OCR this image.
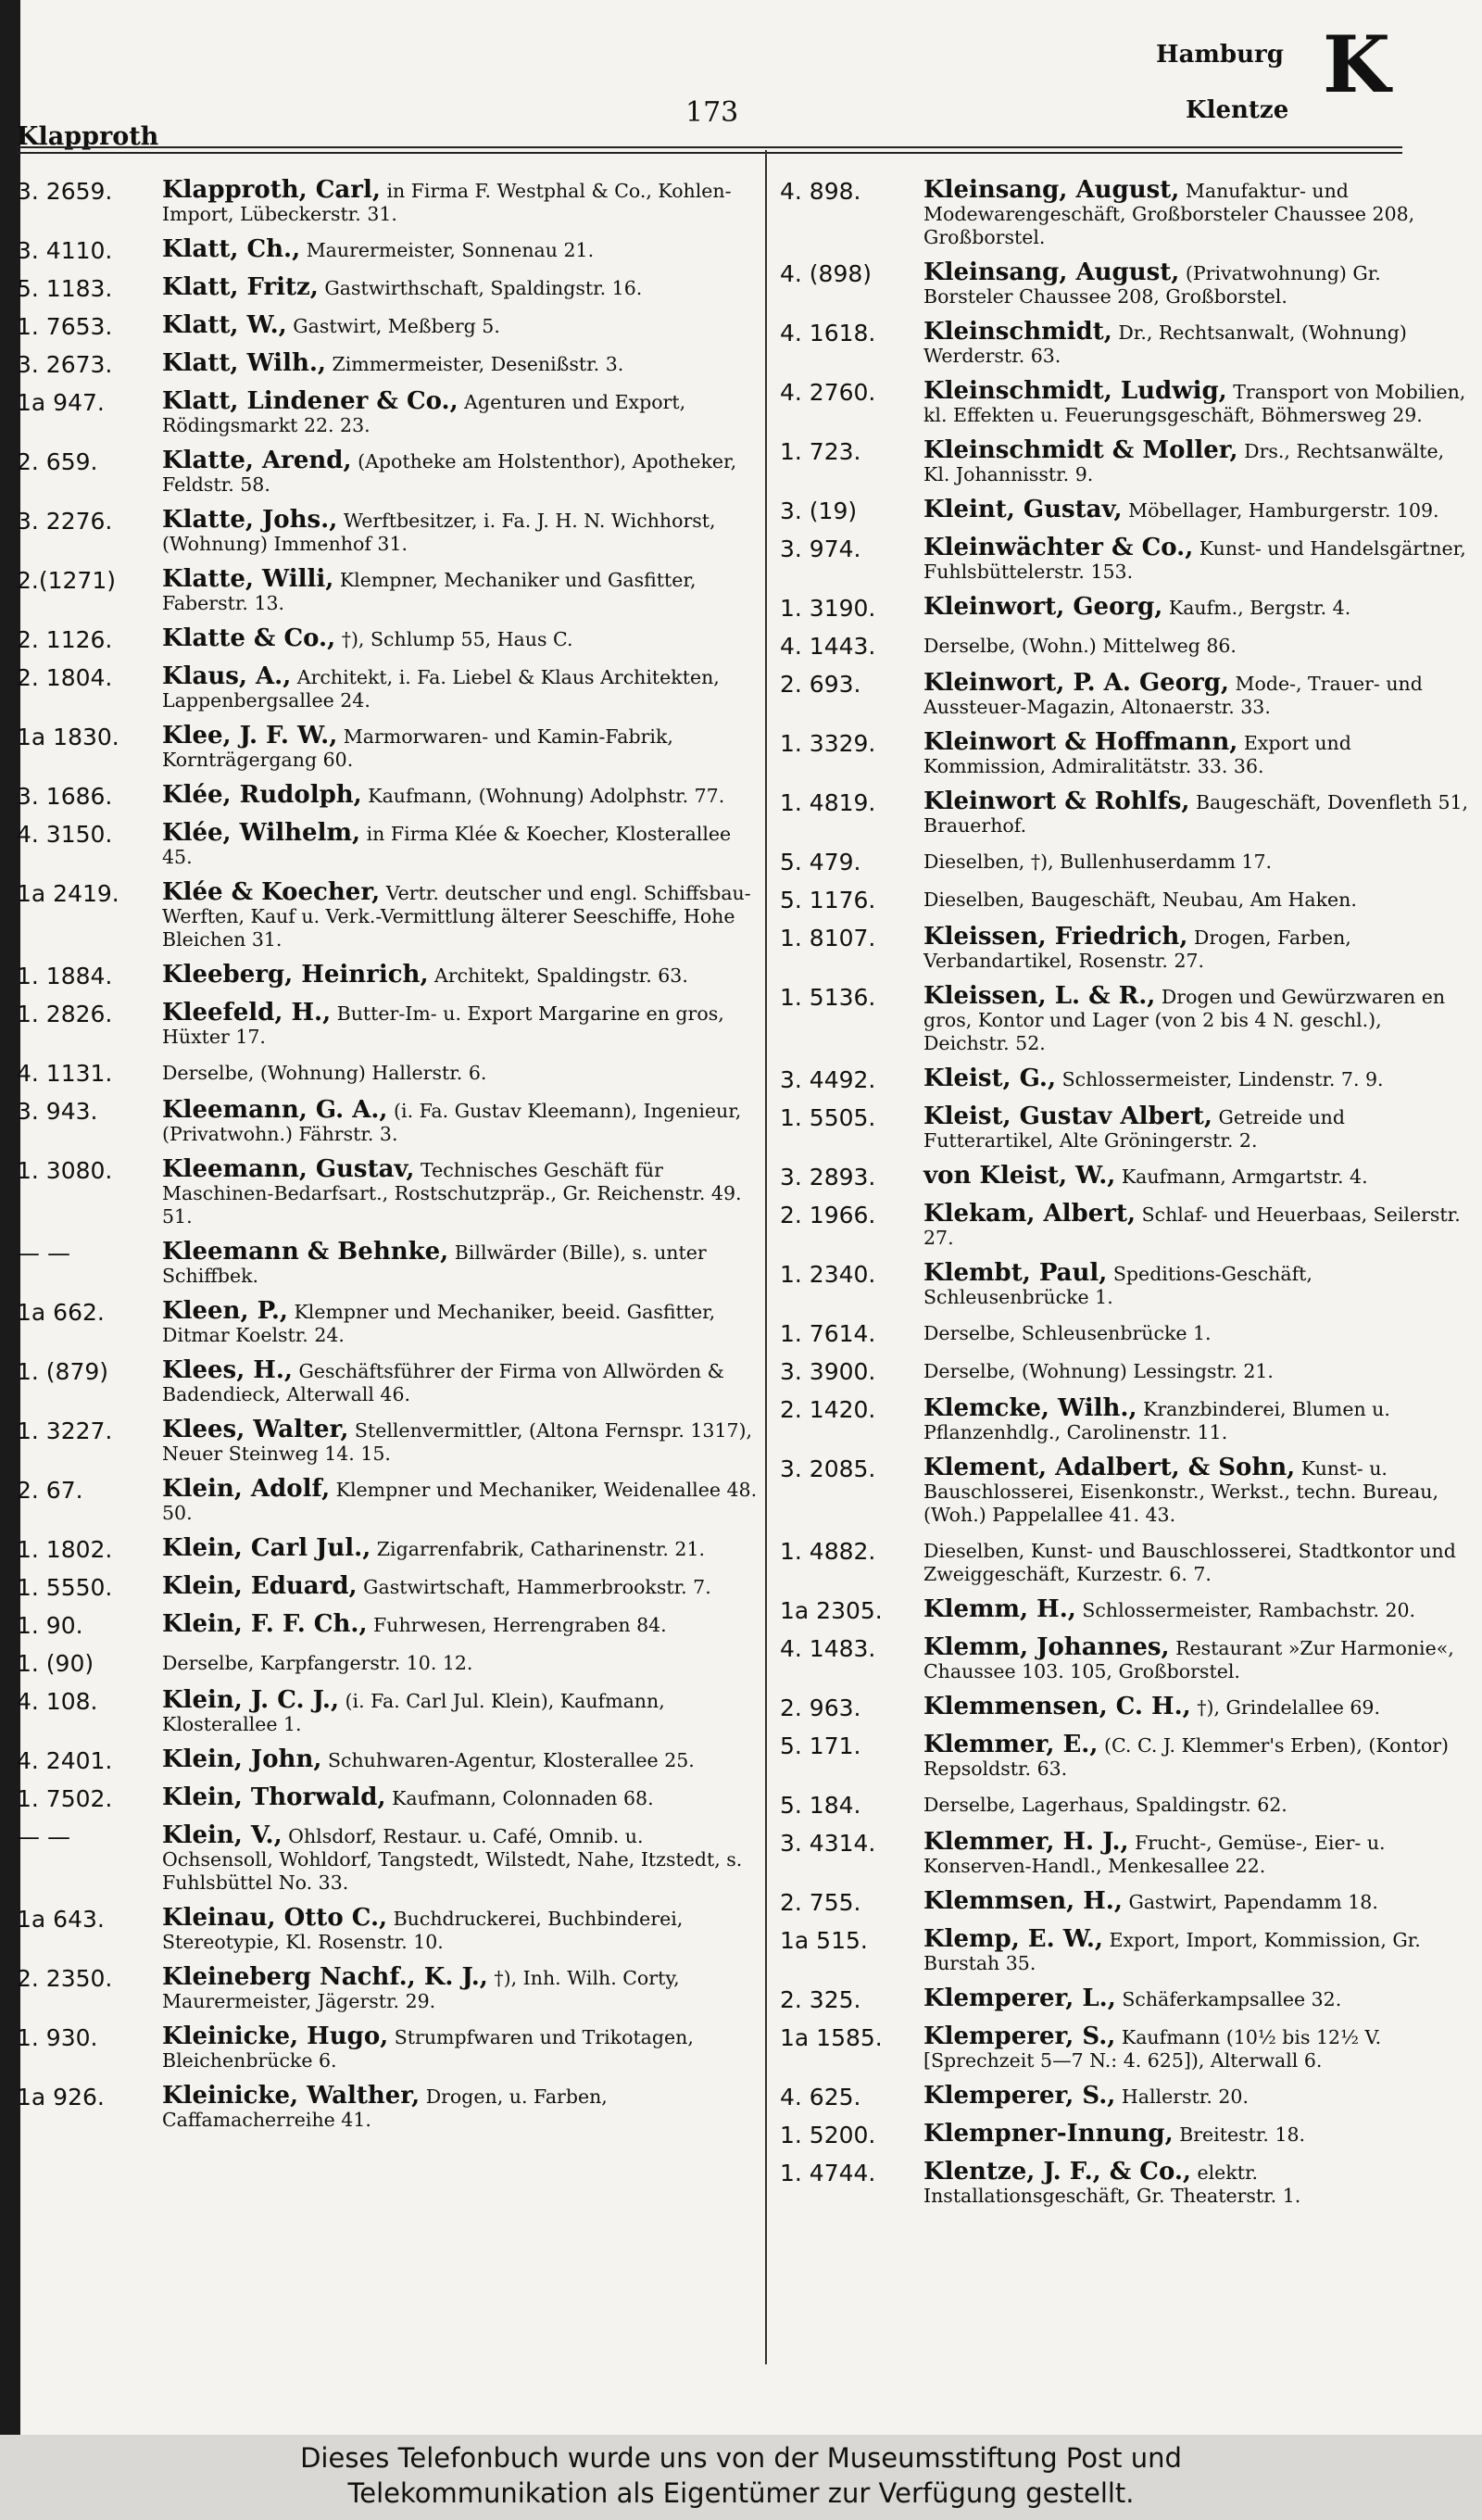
Klapproth
173
Hamburg K
Klentze
3. 2659.	Klapproth, Carl, in Firma F. Westphal & Co., Kohlen-Import, Lübeckerstr. 31.
3. 4110.	Klatt, Ch., Maurermeister, Sonnenau 21.
5. 1183.	Klatt, Fritz, Gastwirthschaft, Spaldingstr. 16.
1. 7653.	Klatt, W., Gastwirt, Meßberg 5.
3. 2673.	Klatt, Wilh., Zimmermeister, Desenißstr. 3.
1a 947.	Klatt, Lindener & Co., Agenturen und Export, Rödingsmarkt 22. 23.
2. 659.	Klatte, Arend, (Apotheke am Holstenthor), Apotheker, Feldstr. 58.
3. 2276.	Klatte, Johs., Werftbesitzer, i. Fa. J. H. N. Wichhorst, (Wohnung) Immenhof 31.
2.(1271)	Klatte, Willi, Klempner, Mechaniker und Gasfitter, Faberstr. 13.
2. 1126.	Klatte & Co., †), Schlump 55, Haus C.
2. 1804.	Klaus, A., Architekt, i. Fa. Liebel & Klaus Architekten, Lappenbergsallee 24.
1a 1830.	Klee, J. F. W., Marmorwaren- und Kamin-Fabrik, Kornträgergang 60.
3. 1686.	Klée, Rudolph, Kaufmann, (Wohnung) Adolphstr. 77.
4. 3150.	Klée, Wilhelm, in Firma Klée & Koecher, Klosterallee 45.
1a 2419.	Klée & Koecher, Vertr. deutscher und engl. Schiffsbau-Werften, Kauf u. Verk.-Vermittlung älterer Seeschiffe, Hohe Bleichen 31.
1. 1884.	Kleeberg, Heinrich, Architekt, Spaldingstr. 63.
1. 2826.	Kleefeld, H., Butter-Im- u. Export Margarine en gros, Hüxter 17.
4. 1131.	Derselbe, (Wohnung) Hallerstr. 6.
3. 943.	Kleemann, G. A., (i. Fa. Gustav Kleemann), Ingenieur, (Privatwohn.) Fährstr. 3.
1. 3080.	Kleemann, Gustav, Technisches Geschäft für Maschinen-Bedarfsart., Rostschutzpräp., Gr. Reichenstr. 49. 51.
— —	Kleemann & Behnke, Billwärder (Bille), s. unter Schiffbek.
1a 662.	Kleen, P., Klempner und Mechaniker, beeid. Gasfitter, Ditmar Koelstr. 24.
1. (879)	Klees, H., Geschäftsführer der Firma von Allwörden & Badendieck, Alterwall 46.
1. 3227.	Klees, Walter, Stellenvermittler, (Altona Fernspr. 1317), Neuer Steinweg 14. 15.
2. 67.	Klein, Adolf, Klempner und Mechaniker, Weidenallee 48. 50.
1. 1802.	Klein, Carl Jul., Zigarrenfabrik, Catharinenstr. 21.
1. 5550.	Klein, Eduard, Gastwirtschaft, Hammerbrookstr. 7.
1. 90.	Klein, F. F. Ch., Fuhrwesen, Herrengraben 84.
1. (90)	Derselbe, Karpfangerstr. 10. 12.
4. 108.	Klein, J. C. J., (i. Fa. Carl Jul. Klein), Kaufmann, Klosterallee 1.
4. 2401.	Klein, John, Schuhwaren-Agentur, Klosterallee 25.
1. 7502.	Klein, Thorwald, Kaufmann, Colonnaden 68.
— —	Klein, V., Ohlsdorf, Restaur. u. Café, Omnib. u. Ochsensoll, Wohldorf, Tangstedt, Wilstedt, Nahe, Itzstedt, s. Fuhlsbüttel No. 33.
1a 643.	Kleinau, Otto C., Buchdruckerei, Buchbinderei, Stereotypie, Kl. Rosenstr. 10.
2. 2350.	Kleineberg Nachf., K. J., †), Inh. Wilh. Corty, Maurermeister, Jägerstr. 29.
1. 930.	Kleinicke, Hugo, Strumpfwaren und Trikotagen, Bleichenbrücke 6.
1a 926.	Kleinicke, Walther, Drogen, u. Farben, Caffamacherreihe 41.
4. 898.	Kleinsang, August, Manufaktur- und Modewarengeschäft, Großborsteler Chaussee 208, Großborstel.
4. (898)	Kleinsang, August, (Privatwohnung) Gr. Borsteler Chaussee 208, Großborstel.
4. 1618.	Kleinschmidt, Dr., Rechtsanwalt, (Wohnung) Werderstr. 63.
4. 2760.	Kleinschmidt, Ludwig, Transport von Mobilien, kl. Effekten u. Feuerungsgeschäft, Böhmersweg 29.
1. 723.	Kleinschmidt & Moller, Drs., Rechtsanwälte, Kl. Johannisstr. 9.
3. (19)	Kleint, Gustav, Möbellager, Hamburgerstr. 109.
3. 974.	Kleinwächter & Co., Kunst- und Handelsgärtner, Fuhlsbüttelerstr. 153.
1. 3190.	Kleinwort, Georg, Kaufm., Bergstr. 4.
4. 1443.	Derselbe, (Wohn.) Mittelweg 86.
2. 693.	Kleinwort, P. A. Georg, Mode-, Trauer- und Aussteuer-Magazin, Altonaerstr. 33.
1. 3329.	Kleinwort & Hoffmann, Export und Kommission, Admiralitätstr. 33. 36.
1. 4819.	Kleinwort & Rohlfs, Baugeschäft, Dovenfleth 51, Brauerhof.
5. 479.	Dieselben, †), Bullenhuserdamm 17.
5. 1176.	Dieselben, Baugeschäft, Neubau, Am Haken.
1. 8107.	Kleissen, Friedrich, Drogen, Farben, Verbandartikel, Rosenstr. 27.
1. 5136.	Kleissen, L. & R., Drogen und Gewürzwaren en gros, Kontor und Lager (von 2 bis 4 N. geschl.), Deichstr. 52.
3. 4492.	Kleist, G., Schlossermeister, Lindenstr. 7. 9.
1. 5505.	Kleist, Gustav Albert, Getreide und Futterartikel, Alte Gröningerstr. 2.
3. 2893.	von Kleist, W., Kaufmann, Armgartstr. 4.
2. 1966.	Klekam, Albert, Schlaf- und Heuerbaas, Seilerstr. 27.
1. 2340.	Klembt, Paul, Speditions-Geschäft, Schleusenbrücke 1.
1. 7614.	Derselbe, Schleusenbrücke 1.
3. 3900.	Derselbe, (Wohnung) Lessingstr. 21.
2. 1420.	Klemcke, Wilh., Kranzbinderei, Blumen u. Pflanzenhdlg., Carolinenstr. 11.
3. 2085.	Klement, Adalbert, & Sohn, Kunst- u. Bauschlosserei, Eisenkonstr., Werkst., techn. Bureau, (Woh.) Pappelallee 41. 43.
1. 4882.	Dieselben, Kunst- und Bauschlosserei, Stadtkontor und Zweiggeschäft, Kurzestr. 6. 7.
1a 2305.	Klemm, H., Schlossermeister, Rambachstr. 20.
4. 1483.	Klemm, Johannes, Restaurant »Zur Harmonie«, Chaussee 103. 105, Großborstel.
2. 963.	Klemmensen, C. H., †), Grindelallee 69.
5. 171.	Klemmer, E., (C. C. J. Klemmer's Erben), (Kontor) Repsoldstr. 63.
5. 184.	Derselbe, Lagerhaus, Spaldingstr. 62.
3. 4314.	Klemmer, H. J., Frucht-, Gemüse-, Eier- u. Konserven-Handl., Menkesallee 22.
2. 755.	Klemmsen, H., Gastwirt, Papendamm 18.
1a 515.	Klemp, E. W., Export, Import, Kommission, Gr. Burstah 35.
2. 325.	Klemperer, L., Schäferkampsallee 32.
1a 1585.	Klemperer, S., Kaufmann (10½ bis 12½ V. [Sprechzeit 5—7 N.: 4. 625]), Alterwall 6.
4. 625.	Klemperer, S., Hallerstr. 20.
1. 5200.	Klempner-Innung, Breitestr. 18.
1. 4744.	Klentze, J. F., & Co., elektr. Installationsgeschäft, Gr. Theaterstr. 1.
Dieses Telefonbuch wurde uns von der Museumsstiftung Post und
Telekommunikation als Eigentümer zur Verfügung gestellt.
